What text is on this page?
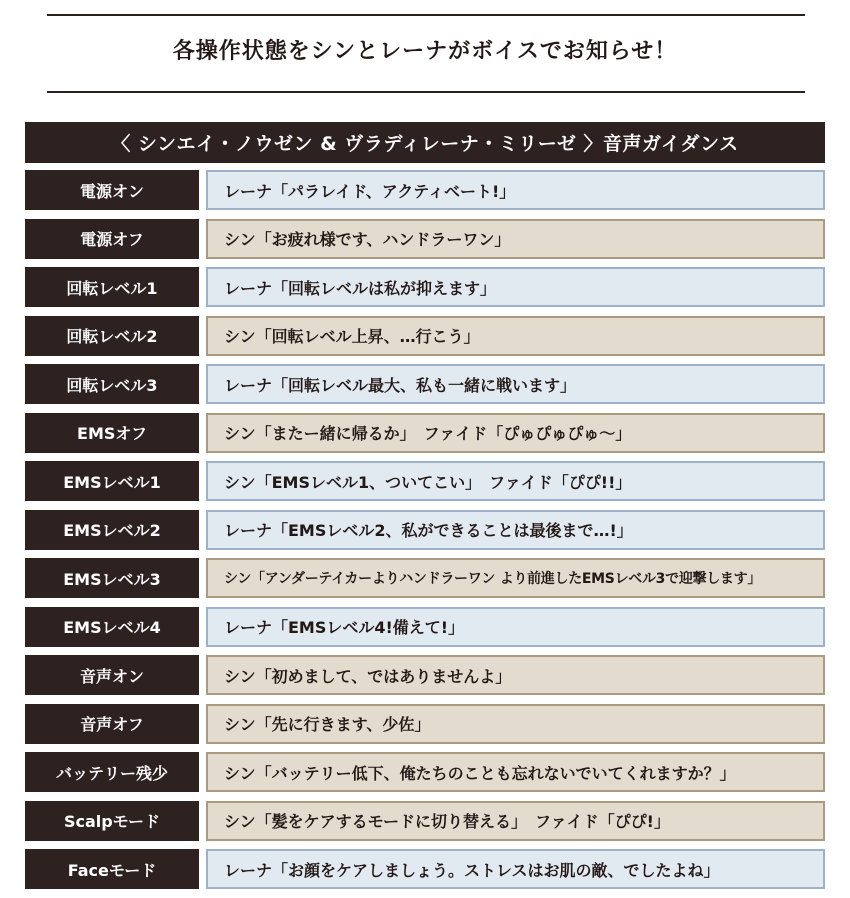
各操作状態をシンとレーナがボイスでお知らせ！
〈 シンエイ・ノウゼン & ヴラディレーナ・ミリーゼ 〉音声ガイダンス
電源オン	レーナ「パラレイド、アクティベート!」
電源オフ	シン「お疲れ様です、ハンドラーワン」
回転レベル1	レーナ「回転レベルは私が抑えます」
回転レベル2	シン「回転レベル上昇、…行こう」
回転レベル3	レーナ「回転レベル最大、私も一緒に戦います」
EMSオフ	シン「またー緒に帰るか」　ファイド「ぴゅぴゅぴゅ～」
EMSレベル1	シン「EMSレベル1、ついてこい」　ファイド「ぴぴ!!」
EMSレベル2	レーナ「EMSレベル2、私ができることは最後まで…!」
EMSレベル3	シン「アンダーテイカーよりハンドラーワン より前進したEMSレベル3で迎撃します」
EMSレベル4	レーナ「EMSレベル4!備えて!」
音声オン	シン「初めまして、ではありませんよ」
音声オフ	シン「先に行きます、少佐」
バッテリー残少	シン「バッテリー低下、俺たちのことも忘れないでいてくれますか？」
Scalpモード	シン「髪をケアするモードに切り替える」　ファイド「ぴぴ!」
Faceモード	レーナ「お顔をケアしましょう。ストレスはお肌の敵、でしたよね」
